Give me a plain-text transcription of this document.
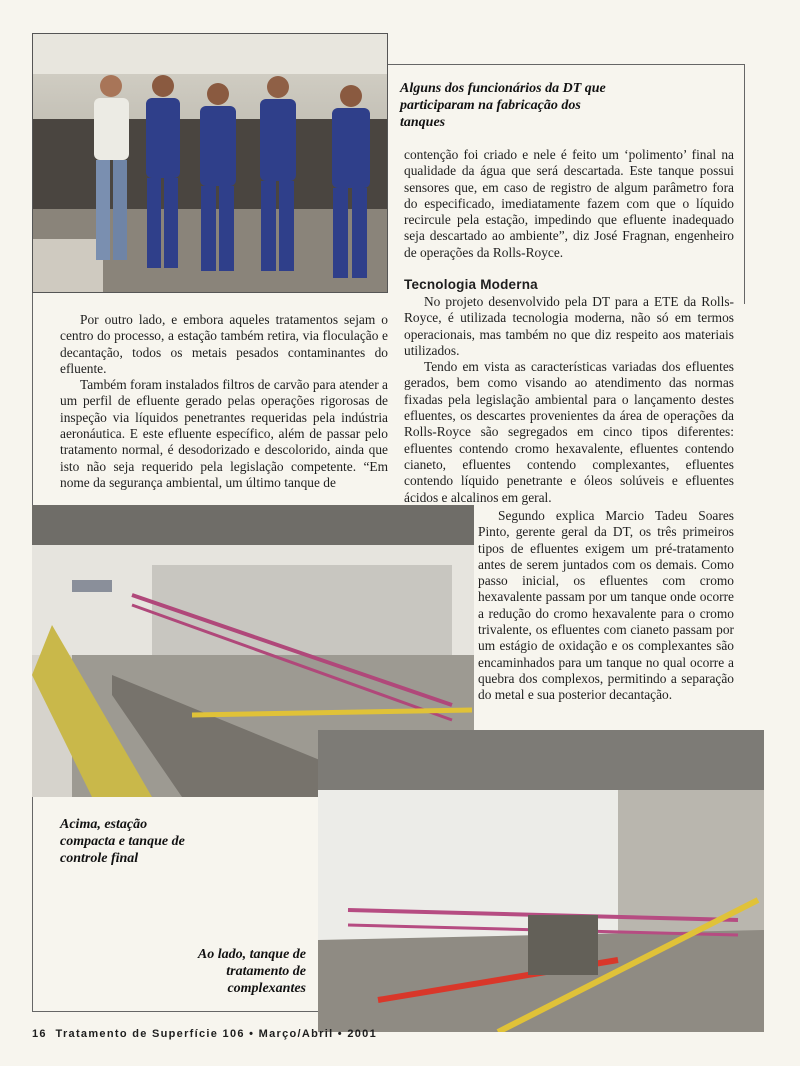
Alguns dos funcionários da DT que participaram na fabricação dos tanques
contenção foi criado e nele é feito um ‘polimento’ final na qualidade da água que será descartada. Este tanque possui sensores que, em caso de registro de algum parâmetro fora do especificado, imediatamente fazem com que o líquido recircule pela estação, impedindo que efluente inadequado seja descartado ao ambiente”, diz José Fragnan, engenheiro de operações da Rolls-Royce.
Tecnologia Moderna

No projeto desenvolvido pela DT para a ETE da Rolls-Royce, é utilizada tecnologia moderna, não só em termos operacionais, mas também no que diz respeito aos materiais utilizados.

Tendo em vista as características variadas dos efluentes gerados, bem como visando ao atendimento das normas fixadas pela legislação ambiental para o lançamento destes efluentes, os descartes provenientes da área de operações da Rolls-Royce são segregados em cinco tipos diferentes: efluentes contendo cromo hexavalente, efluentes contendo cianeto, efluentes contendo complexantes, efluentes contendo líquido penetrante e óleos solúveis e efluentes ácidos e alcalinos em geral.

Por outro lado, e embora aqueles tratamentos sejam o centro do processo, a estação também retira, via floculação e decantação, todos os metais pesados contaminantes do efluente.

Também foram instalados filtros de carvão para atender a um perfil de efluente gerado pelas operações rigorosas de inspeção via líquidos penetrantes requeridas pela indústria aeronáutica. E este efluente específico, além de passar pelo tratamento normal, é desodorizado e descolorido, ainda que isto não seja requerido pela legislação competente. “Em nome da segurança ambiental, um último tanque de

Segundo explica Marcio Tadeu Soares Pinto, gerente geral da DT, os três primeiros tipos de efluentes exigem um pré-tratamento antes de serem juntados com os demais. Como passo inicial, os efluentes com cromo hexavalente passam por um tanque onde ocorre a redução do cromo hexavalente para o cromo trivalente, os efluentes com cianeto passam por um estágio de oxidação e os complexantes são encaminhados para um tanque no qual ocorre a quebra dos complexos, permitindo a separação do metal e sua posterior decantação.

Acima, estação compacta e tanque de controle final
Ao lado, tanque de tratamento de complexantes
16  Tratamento de Superfície 106 • Março/Abril • 2001
